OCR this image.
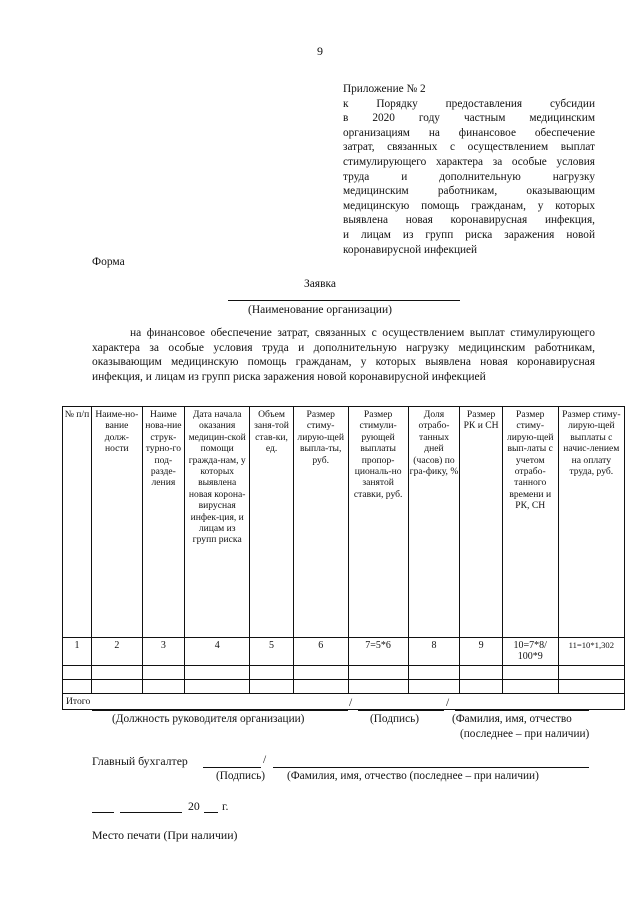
9
Приложение № 2
к Порядку предоставления субсидии
в 2020 году частным медицинским
организациям на финансовое обеспечение
затрат, связанных с осуществлением выплат
стимулирующего характера за особые условия
труда и дополнительную нагрузку
медицинским работникам, оказывающим
медицинскую помощь гражданам, у которых
выявлена новая коронавирусная инфекция,
и лицам из групп риска заражения новой
коронавирусной инфекцией
Форма
Заявка
(Наименование организации)
на финансовое обеспечение затрат, связанных с осуществлением выплат стимулирующего характера за особые условия труда и дополнительную нагрузку медицинским работникам, оказывающим медицинскую помощь гражданам, у которых выявлена новая коронавирусная инфекция, и лицам из групп риска заражения новой коронавирусной инфекцией
№ п/п	Наиме-но-вание долж-ности	Наиме нова-ние струк-турно-го под-разде-ления	Дата начала оказания медицин-ской помощи граждa-нам, у которых выявлена новая корона-вирусная инфек-ция, и лицам из групп риска	Объем заня-той став-ки, ед.	Размер стиму-лирую-щей выпла-ты, руб.	Размер стимули-рующей выплаты пропор-циональ-но занятой ставки, руб.	Доля отрабо-танных дней (часов) по гра-фику, %	Размер РК и СН	Размер стиму-лирую-щей вып-латы с учетом отрабо-танного времени и РК, СН	Размер стиму-лирую-щей выплаты с начис-лением на оплату труда, руб.
1	2	3	4	5	6	7=5*6	8	9	10=7*8/ 100*9	11=10*1,302

Итого											/	/
(Должность руководителя организации)	(Подпись)	(Фамилия, имя, отчество
(последнее – при наличии)
Главный бухгалтер	/
(Подпись) (Фамилия, имя, отчество (последнее – при наличии)
20 г.
Место печати (При наличии)
